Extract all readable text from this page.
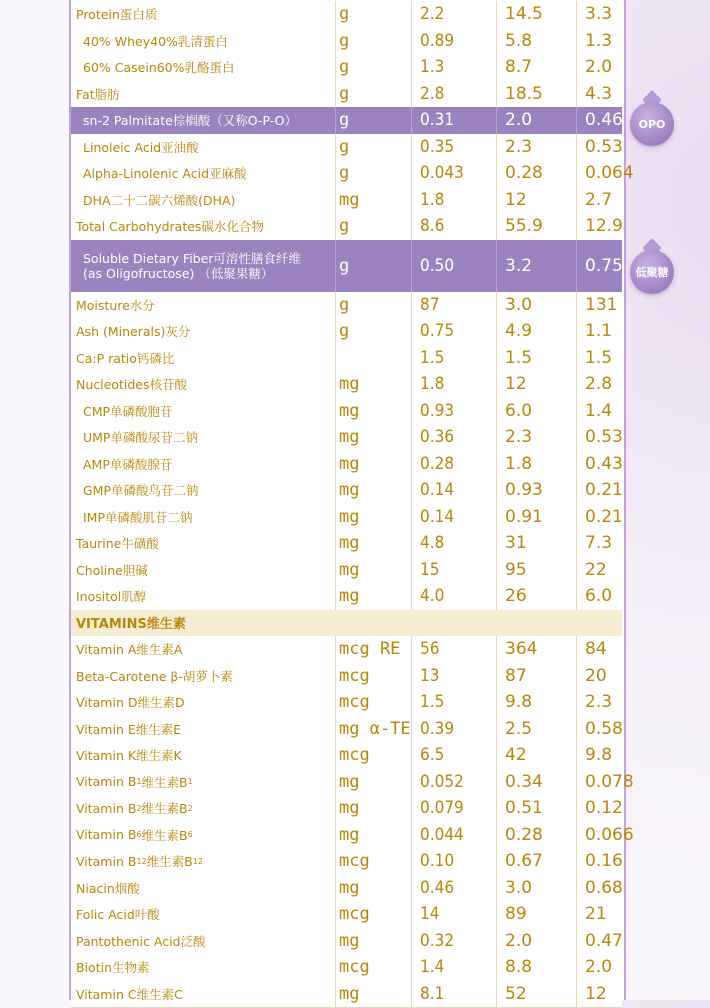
Protein蛋白质	g	2.2	14.5 3.3
40% Whey40%乳清蛋白	g	0.89	5.8	1.3
60% Casein60%乳酪蛋白	g	1.3	8.7	2.0
Fat脂肪	g	2.8	18.5 4.3
sn-2 Palmitate棕榈酸（又称O-P-O） g	0.31	2.0	0.46
Linoleic Acid亚油酸	g	0.35	2.3	0.53
Alpha-Linolenic Acid亚麻酸	g	0.043 0.28 0.064
DHA二十二碳六烯酸(DHA)	mg	1.8	12	2.7
Total Carbohydrates碳水化合物	g	8.6	55.9 12.9
Soluble Dietary Fiber可溶性膳食纤维
(as Oligofructose) （低聚果糖）	g	0.50	3.2	0.75
Moisture水分	g	87	3.0	131
Ash (Minerals)灰分	g	0.75	4.9	1.1
Ca:P ratio钙磷比	1.5	1.5	1.5
Nucleotides核苷酸	mg	1.8	12	2.8
CMP单磷酸胞苷	mg	0.93	6.0	1.4
UMP单磷酸尿苷二钠	mg	0.36	2.3	0.53
AMP单磷酸腺苷	mg	0.28	1.8	0.43
GMP单磷酸鸟苷二钠	mg	0.14	0.93 0.21
IMP单磷酸肌苷二钠	mg	0.14	0.91 0.21
Taurine牛磺酸	mg	4.8	31	7.3
Choline胆碱	mg	15	95	22
Inositol肌醇	mg	4.0	26	6.0
VITAMINS维生素
Vitamin A维生素A	mcg RE 56	364	84
Beta-Carotene β-胡萝卜素	mcg	13	87	20
Vitamin D维生素D	mcg	1.5	9.8	2.3
Vitamin E维生素E	mg α-TE 0.39	2.5	0.58
Vitamin K维生素K	mcg	6.5	42	9.8
Vitamin B 1 维生素B 1	mg	0.052 0.34 0.078
Vitamin B 2 维生素B 2	mg	0.079 0.51 0.12
Vitamin B 6 维生素B 6	mg	0.044 0.28 0.066
Vitamin B 12 维生素B 12	mcg	0.10	0.67 0.16
Niacin烟酸	mg	0.46	3.0	0.68
Folic Acid叶酸	mcg	14	89	21
Pantothenic Acid泛酸	mg	0.32	2.0	0.47
Biotin生物素	mcg	1.4	8.8	2.0
Vitamin C维生素C	mg	8.1	52	12
OPO
低聚糖
